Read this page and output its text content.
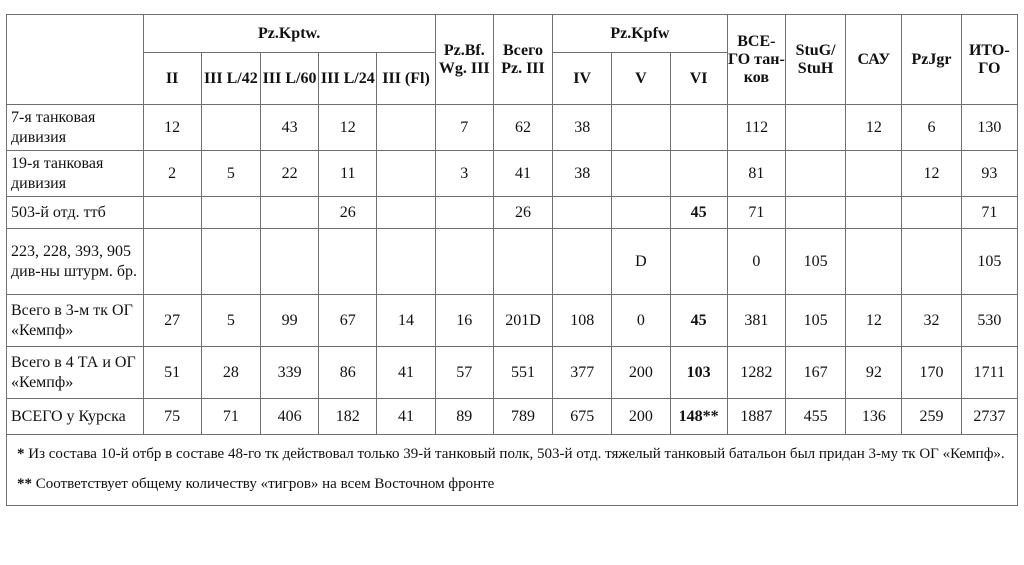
	Pz.Kptw.					Pz.Bf. Wg. III	Всего Pz. III	Pz.Kpfw			ВСЕ- ГО тан- ков	StuG/ StuH	САУ	PzJgr	ИТО- ГО
	II	III L/42	III L/60	III L/24	III (Fl)			IV	V	VI					
7-я танковая дивизия	12		43	12		7	62	38			112		12	6	130
19-я танковая дивизия	2	5	22	11		3	41	38			81			12	93
503-й отд. ттб				26			26			45	71				71
223, 228, 393, 905 див-ны штурм. бр.									D		0	105			105
Всего в 3-м тк ОГ «Кемпф»	27	5	99	67	14	16	201D	108	0	45	381	105	12	32	530
Всего в 4 ТА и ОГ «Кемпф»	51	28	339	86	41	57	551	377	200	103	1282	167	92	170	1711
ВСЕГО у Курска	75	71	406	182	41	89	789	675	200	148**	1887	455	136	259	2737

* Из состава 10-й отбр в составе 48-го тк действовал только 39-й танковый полк, 503-й отд. тяжелый танковый батальон был придан 3-му тк ОГ «Кемпф».

** Соответствует общему количеству «тигров» на всем Восточном фронте
